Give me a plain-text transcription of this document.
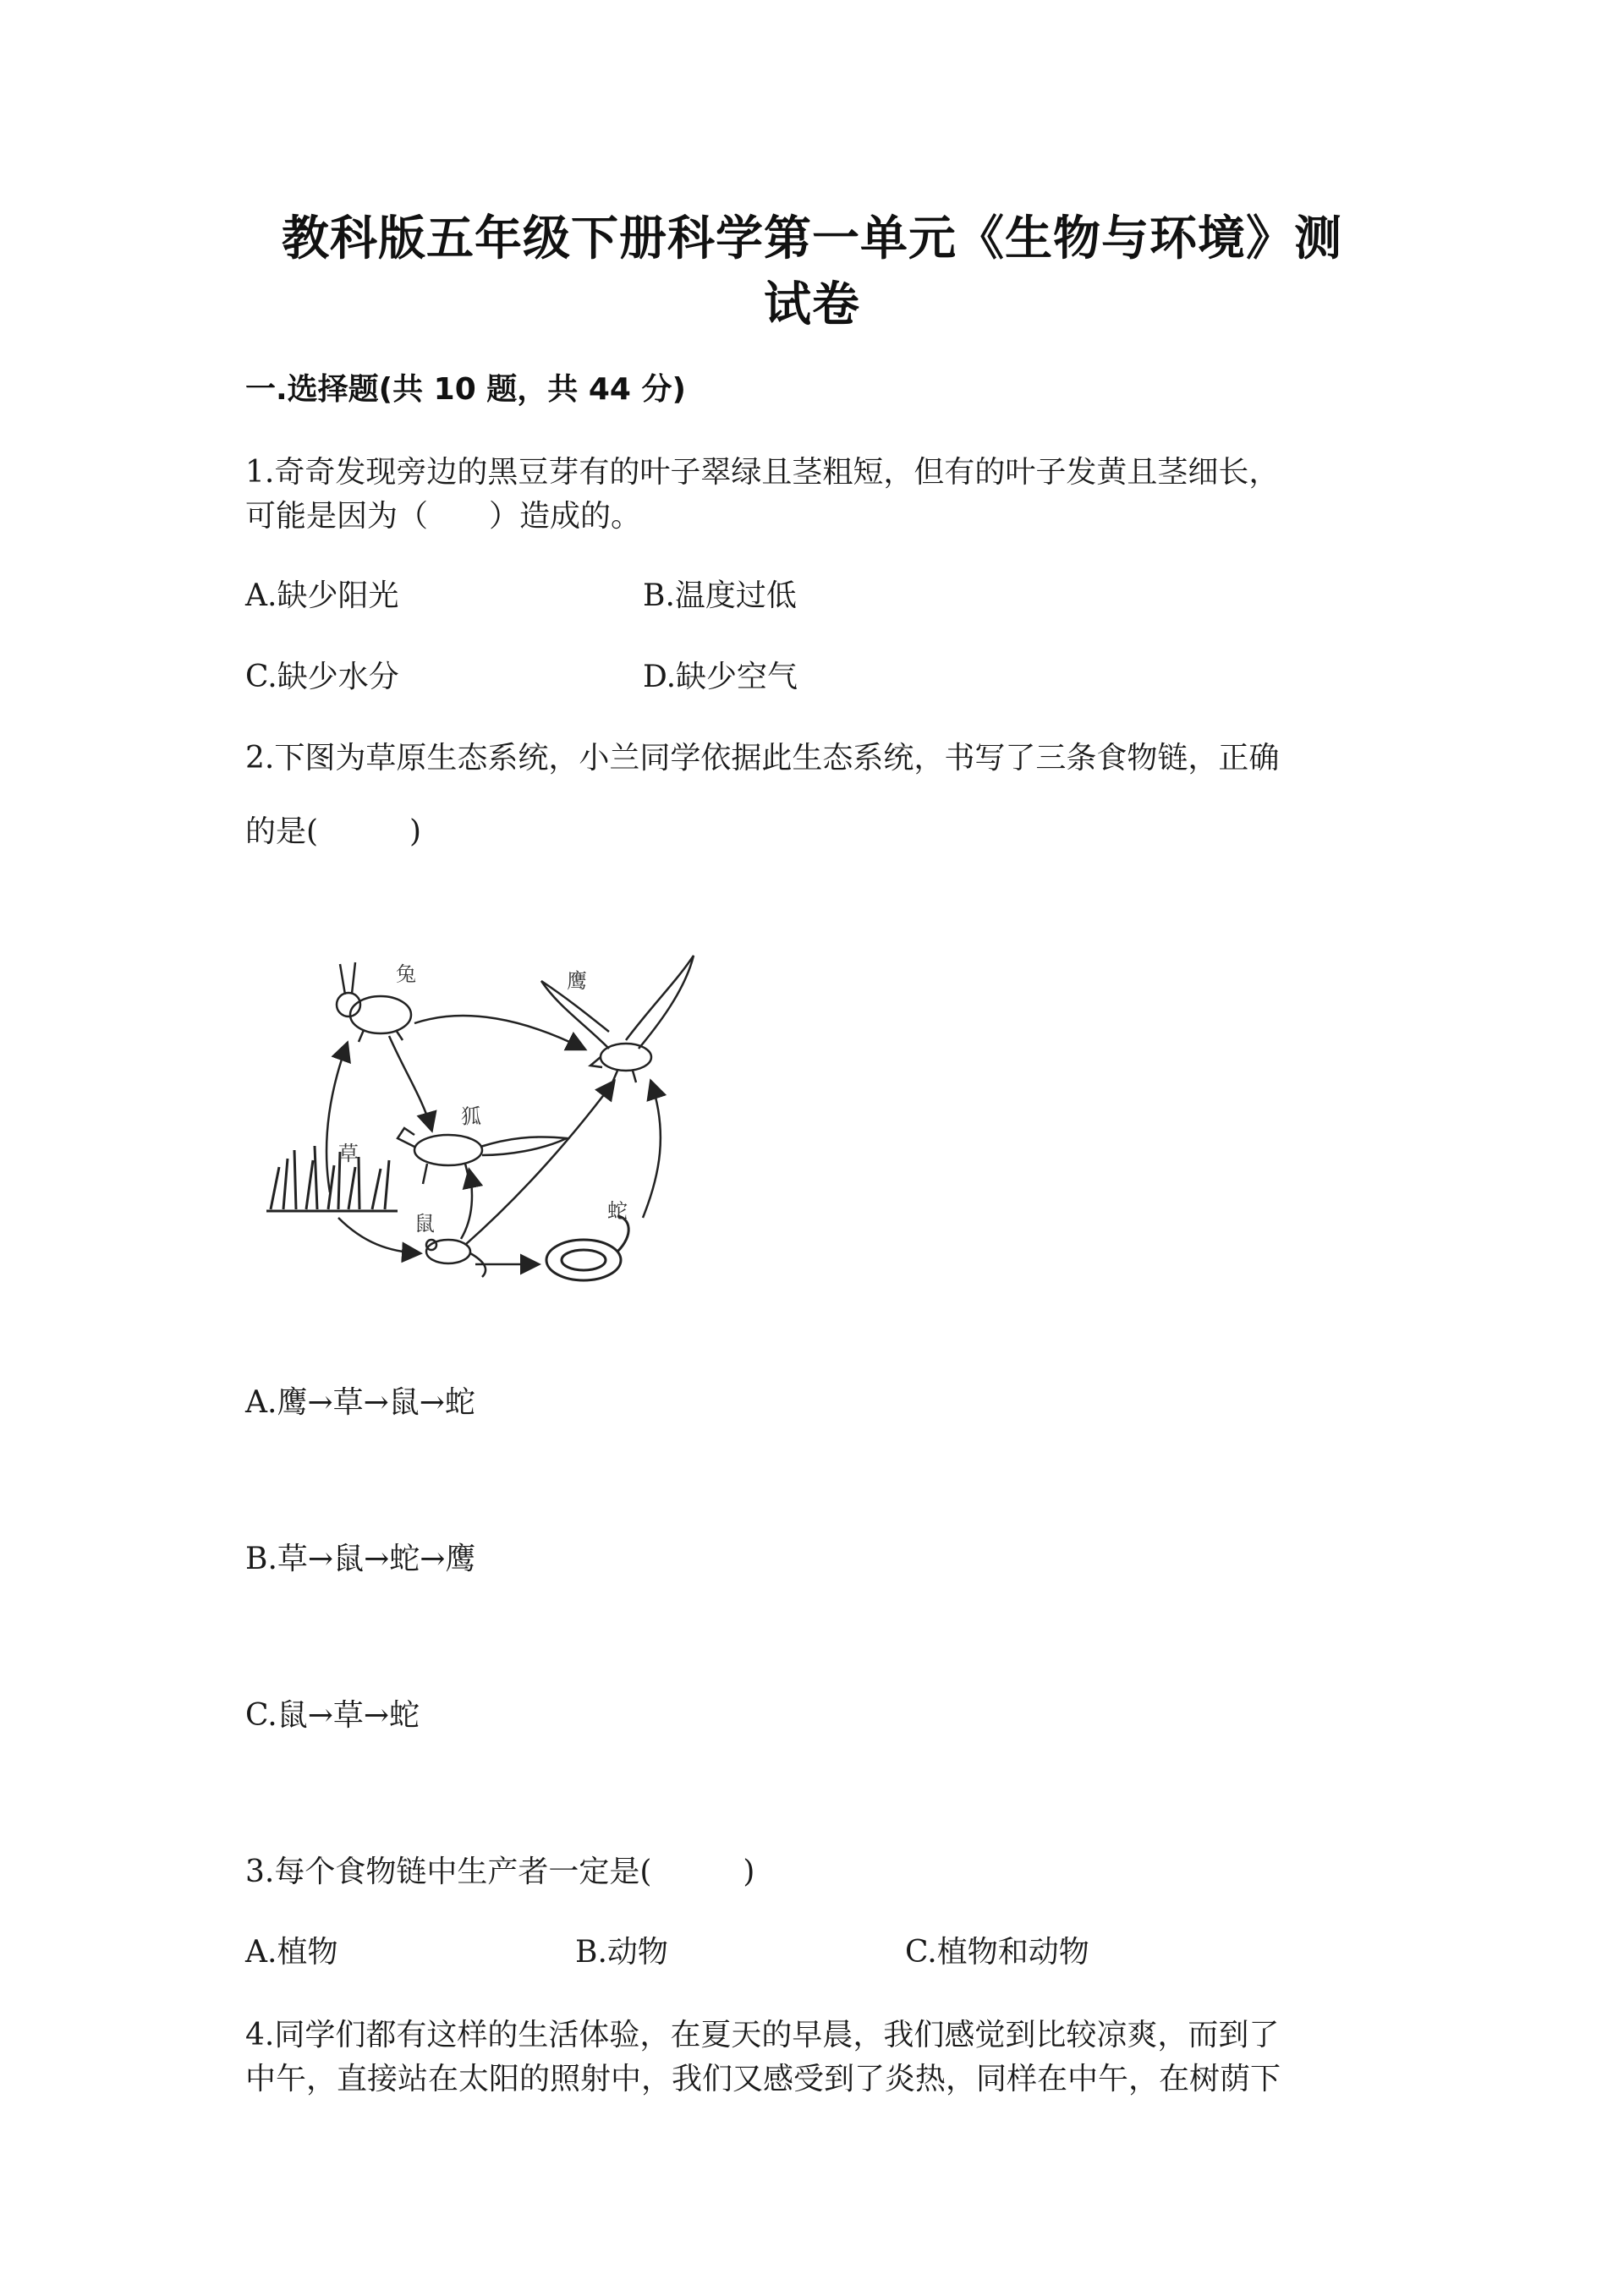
教科版五年级下册科学第一单元《生物与环境》测
试卷
一.选择题(共 10 题，共 44 分)
1.奇奇发现旁边的黑豆芽有的叶子翠绿且茎粗短，但有的叶子发黄且茎细长，
可能是因为（　　）造成的。
A.缺少阳光	B.温度过低
C.缺少水分	D.缺少空气
2.下图为草原生态系统，小兰同学依据此生态系统，书写了三条食物链，正确
的是(　　　)
兔	鹰
狐
草
鼠
蛇
A.鹰→草→鼠→蛇
B.草→鼠→蛇→鹰
C.鼠→草→蛇
3.每个食物链中生产者一定是(　　　)
A.植物	B.动物	C.植物和动物
4.同学们都有这样的生活体验，在夏天的早晨，我们感觉到比较凉爽，而到了
中午，直接站在太阳的照射中，我们又感受到了炎热，同样在中午，在树荫下
